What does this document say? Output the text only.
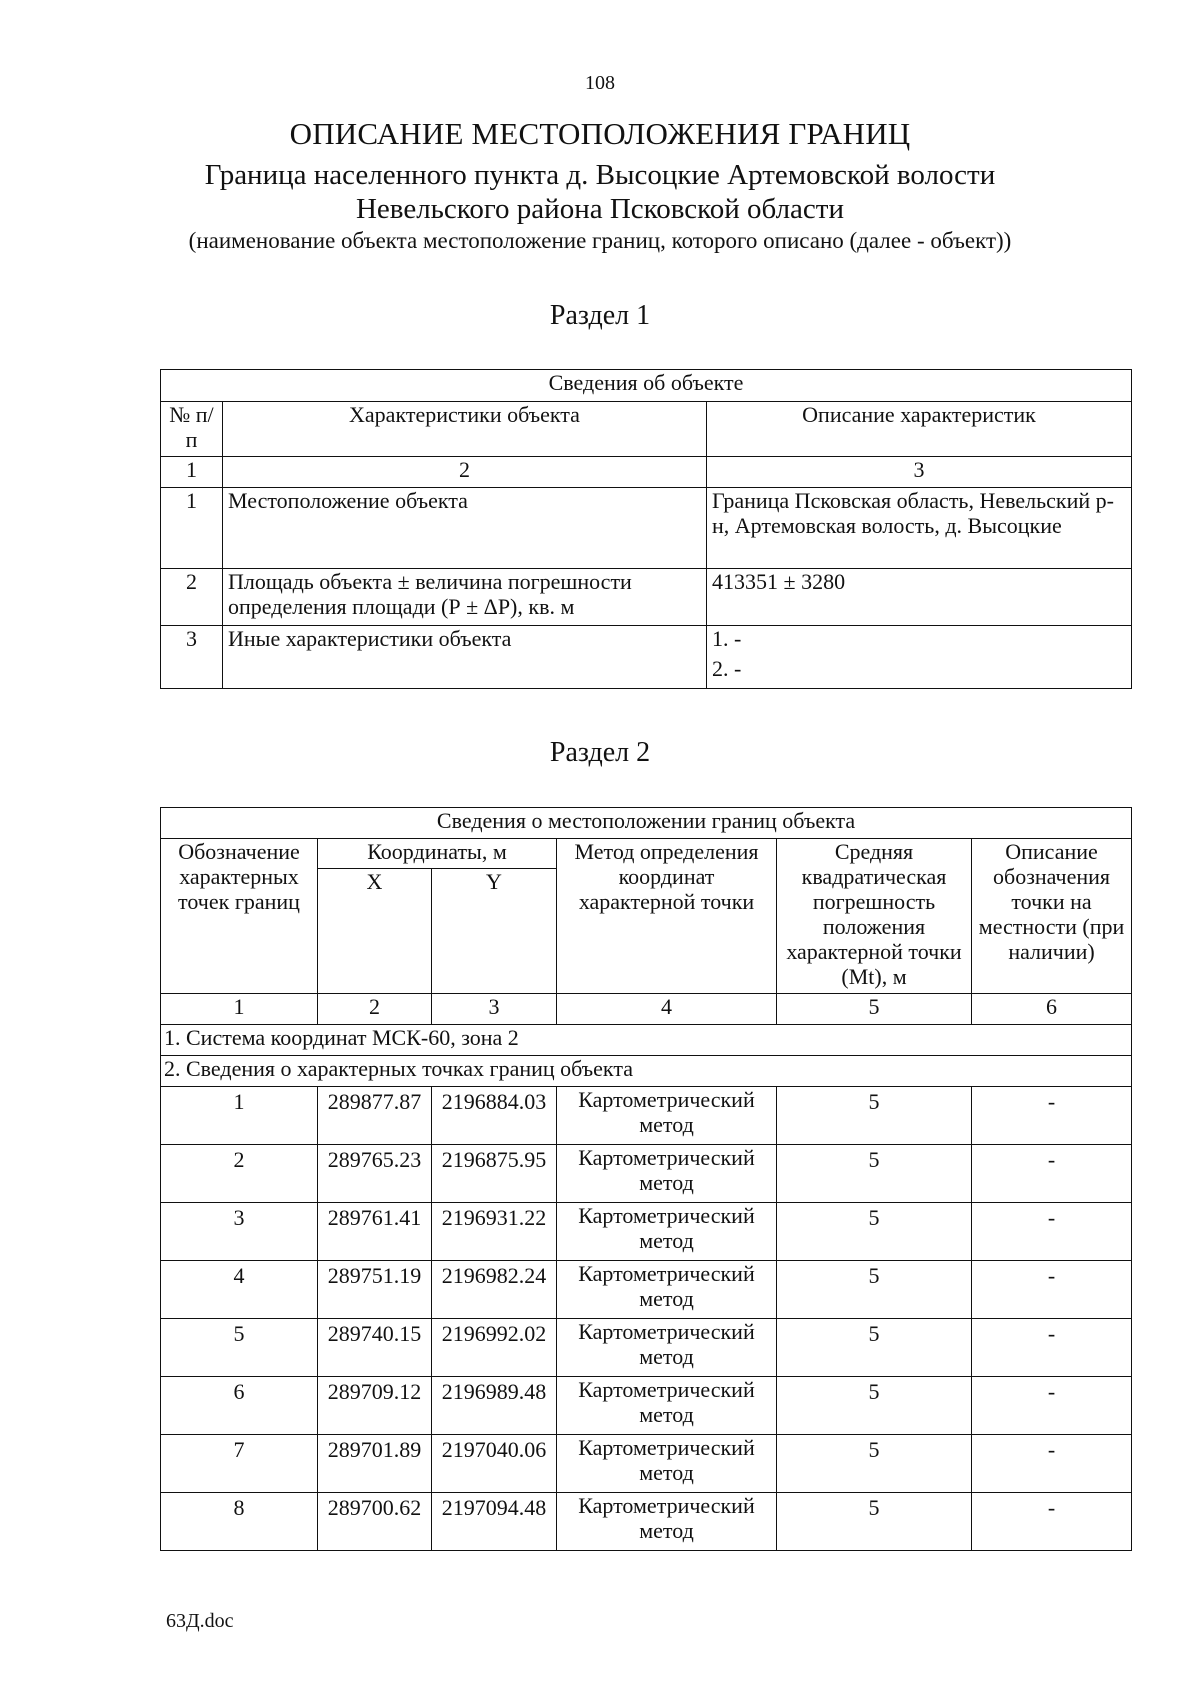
108
ОПИСАНИЕ МЕСТОПОЛОЖЕНИЯ ГРАНИЦ
Граница населенного пункта д. Высоцкие Артемовской волости
Невельского района Псковской области
(наименование объекта местоположение границ, которого описано (далее - объект))
Раздел 1
Сведения об объекте		
№ п/п	Характеристики объекта	Описание характеристик
1	2	3
1	Местоположение объекта	Граница Псковская область, Невельский р-н, Артемовская волость, д. Высоцкие
2	Площадь объекта ± величина погрешности определения площади (Р ± ΔР), кв. м	413351 ± 3280
3	Иные характеристики объекта	1. -
2. -
Раздел 2
Сведения о местоположении границ объекта					
Обозначение характерных точек границ	Координаты, м		Метод определения координат характерной точки	Средняя квадратическая погрешность положения характерной точки (Mt), м	Описание обозначения точки на местности (при наличии)
	X	Y			
1	2	3	4	5	6
1. Система координат МСК-60, зона 2					
2. Сведения о характерных точках границ объекта					
1	289877.87	2196884.03	Картометрический метод	5	-
2	289765.23	2196875.95	Картометрический метод	5	-
3	289761.41	2196931.22	Картометрический метод	5	-
4	289751.19	2196982.24	Картометрический метод	5	-
5	289740.15	2196992.02	Картометрический метод	5	-
6	289709.12	2196989.48	Картометрический метод	5	-
7	289701.89	2197040.06	Картометрический метод	5	-
8	289700.62	2197094.48	Картометрический метод	5	-
63Д.doc
